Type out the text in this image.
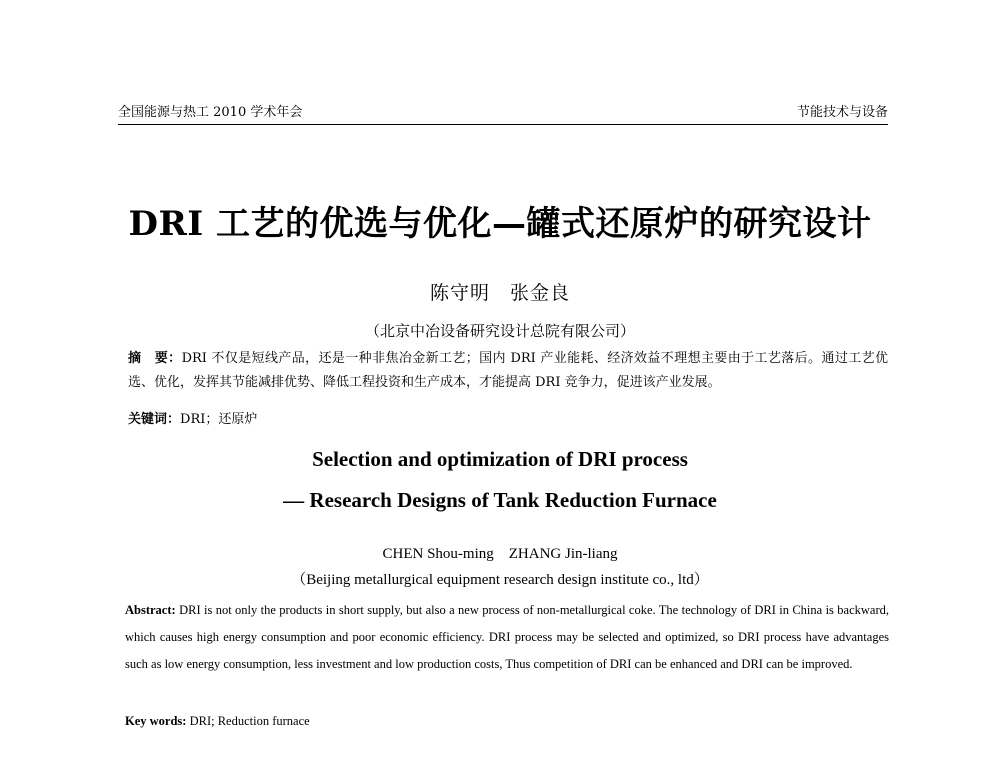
全国能源与热工 2010 学术年会	节能技术与设备
DRI 工艺的优选与优化—罐式还原炉的研究设计
陈守明　张金良
（北京中冶设备研究设计总院有限公司）
摘　要：DRI 不仅是短线产品，还是一种非焦冶金新工艺；国内 DRI 产业能耗、经济效益不理想主要由于工艺落后。通过工艺优选、优化，发挥其节能减排优势、降低工程投资和生产成本，才能提高 DRI 竞争力，促进该产业发展。
关键词：DRI；还原炉
Selection and optimization of DRI process
— Research Designs of Tank Reduction Furnace
CHEN Shou-ming　ZHANG Jin-liang
（Beijing metallurgical equipment research design institute co., ltd）
Abstract: DRI is not only the products in short supply, but also a new process of non-metallurgical coke. The technology of DRI in China is backward, which causes high energy consumption and poor economic efficiency. DRI process may be selected and optimized, so DRI process have advantages such as low energy consumption, less investment and low production costs, Thus competition of DRI can be enhanced and DRI can be improved.
Key words: DRI; Reduction furnace
